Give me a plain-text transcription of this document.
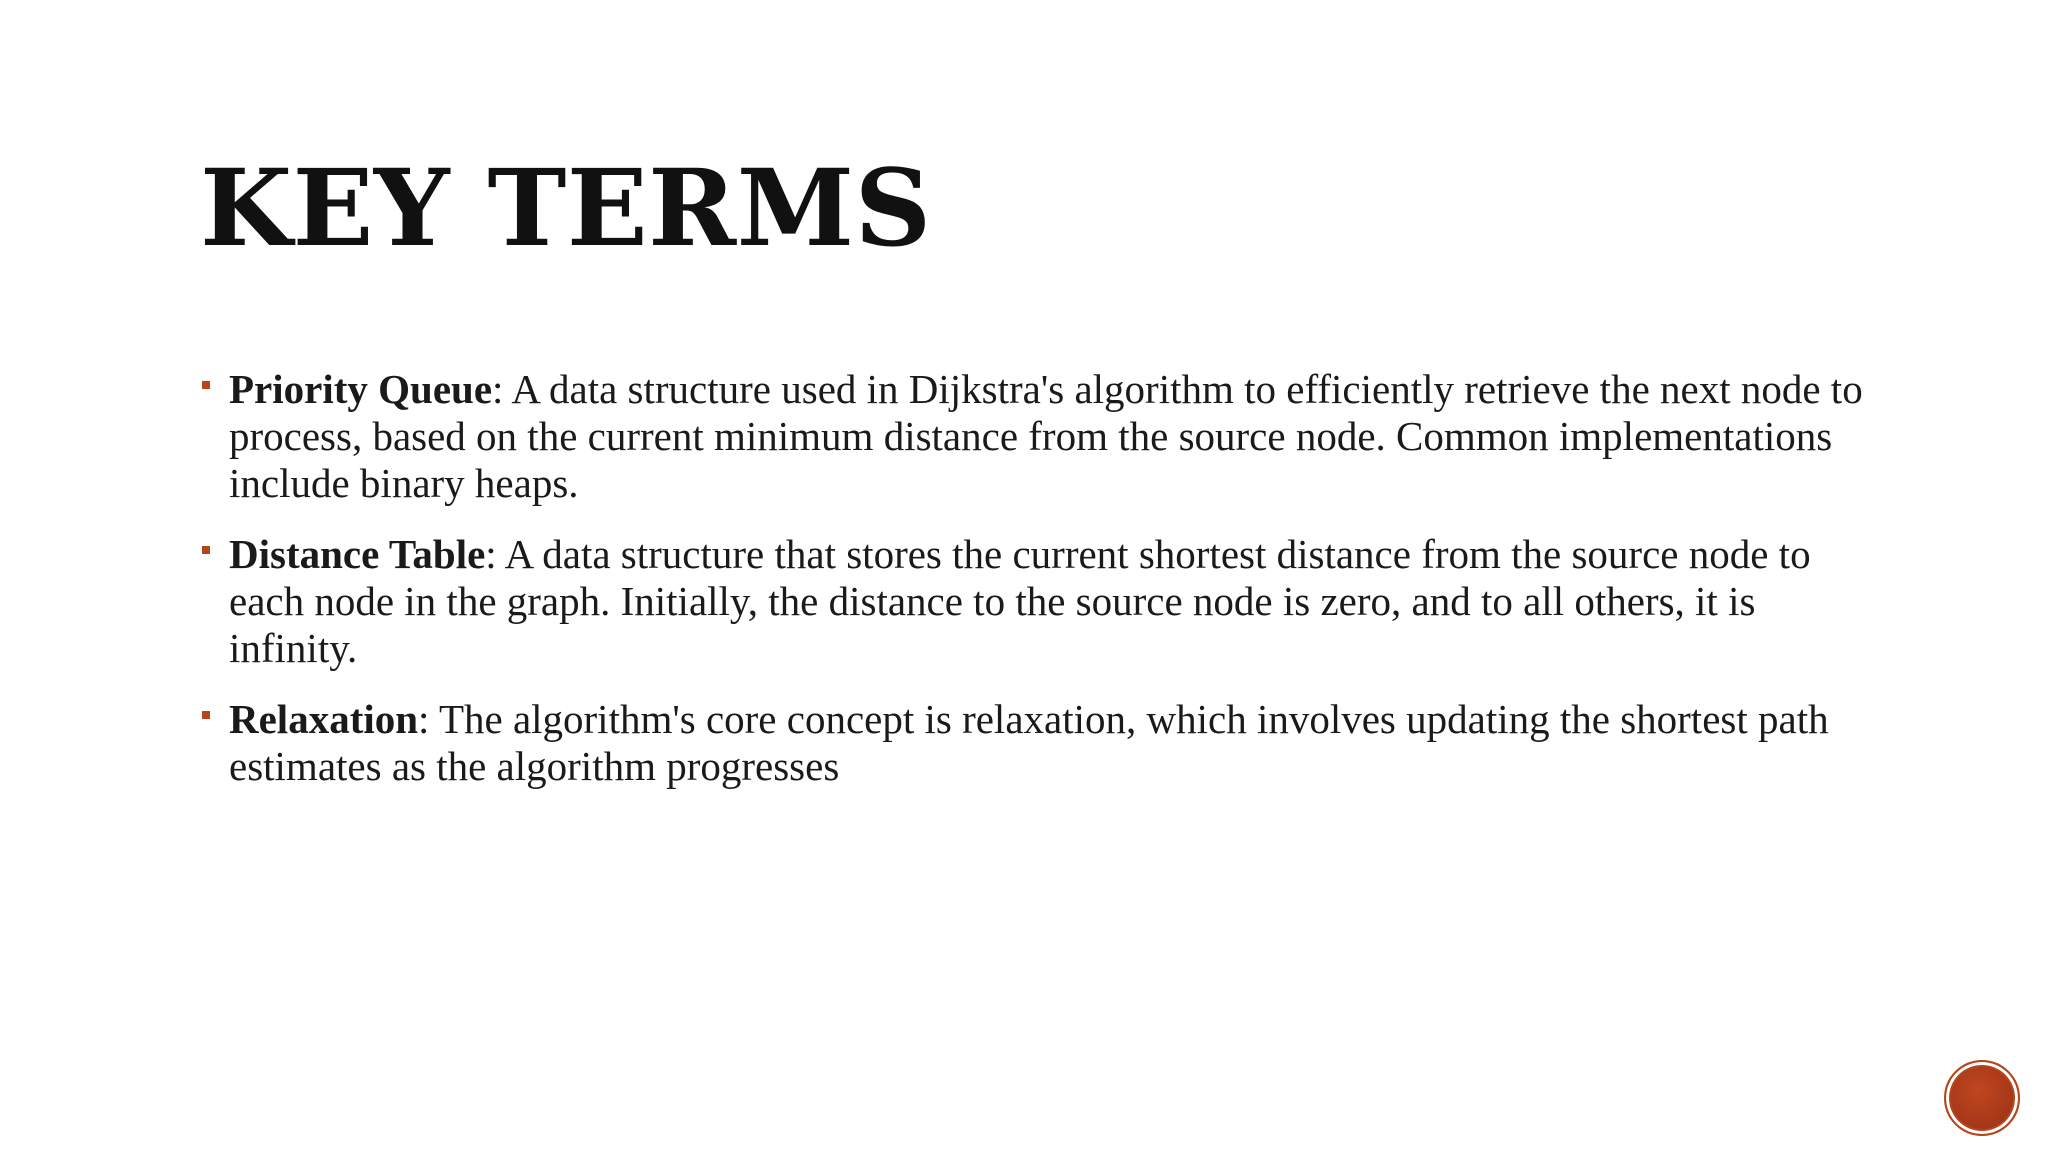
KEY TERMS
Priority Queue: A data structure used in Dijkstra's algorithm to efficiently retrieve the next node to process, based on the current minimum distance from the source node. Common implementations include binary heaps.
Distance Table: A data structure that stores the current shortest distance from the source node to each node in the graph. Initially, the distance to the source node is zero, and to all others, it is infinity.
Relaxation: The algorithm's core concept is relaxation, which involves updating the shortest path estimates as the algorithm progresses
